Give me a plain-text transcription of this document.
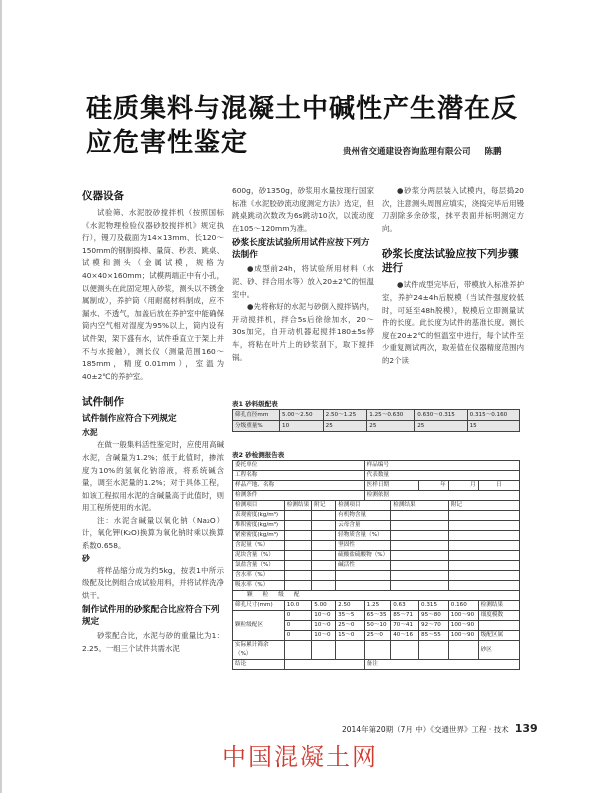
硅质集料与混凝土中碱性产生潜在反应危害性鉴定	贵州省交通建设咨询监理有限公司 陈鹏
仪器设备

试验筛、水泥胶砂搅拌机（按照国标《水泥物理检验仪器砂胶搅拌机》规定执行），镘刀及截面为14×13mm、长120～150mm的钢制捣棒、量筒、秒表、跳桌、试模和测头（金属试模，规格为40×40×160mm；试模两端正中有小孔，以便测头在此固定埋入砂浆，测头以不锈金属制成），养护筒（用耐腐材料制成，应不漏水、不透气，加盖后放在养护室中能确保筒内空气相对湿度为95%以上，筒内设有试件架，架下盛有水，试件垂直立于架上并不与水接触），测长仪（测量范围160～185mm，精度0.01mm），室温为40±2℃的养护室。

试件制作
试件制作应符合下列规定
水泥

在做一般集料活性鉴定时，应使用高碱水泥，含碱量为1.2%；低于此值时，掺浓度为10%的氢氧化钠溶液，将系统碱含量，调至水泥量的1.2%；对于具体工程，如该工程拟用水泥的含碱量高于此值时，则用工程所使用的水泥。

注：水泥含碱量以氧化钠（Na₂O）计，氧化钾(K₂O)换算为氧化钠时乘以换算系数0.658。

砂

将样品缩分成为约5kg，按表1中所示级配及比例组合成试验用料，并将试样洗净烘干。

制作试件用的砂浆配合比应符合下列规定

砂浆配合比，水泥与砂的重量比为1：2.25。一组三个试件共需水泥

600g，砂1350g，砂浆用水量按现行国家标准《水泥胶砂流动度测定方法》选定，但跳桌跳动次数改为6s跳动10次，以流动度在105～120mm为准。

砂浆长度法试验所用试件应按下列方法制作

●成型前24h，将试验所用材料（水泥、砂、拌合用水等）放入20±2℃的恒温室中。

●先将称好的水泥与砂倒入搅拌锅内，开动搅拌机，拌合5s后徐徐加水，20～30s加完，自开动机器起搅拌180±5s停车，将粘在叶片上的砂浆刮下，取下搅拌锅。

●砂浆分两层装入试模内，每层捣20次，注意测头周围应填实，浇捣完毕后用镘刀刮除多余砂浆，抹平表面并标明测定方向。

砂浆长度法试验应按下列步骤进行

●试件成型完毕后，带模放入标准养护室，养护24±4h后脱模（当试件强度较低时，可延至48h脱模），脱模后立即测量试件的长度。此长度为试件的基准长度。测长度在20±2℃的恒温室中进行，每个试件至少重复测试两次，取差值在仪器精度范围内的2个读

表1 砂料级配表
筛孔直径mm	5.00～2.50	2.50～1.25	1.25～0.630	0.630～0.315	0.315～0.160
分级重量%	10	25	25	25	15
表2 砂检测报告表
委托单位				样品编号				
工程名称				代表数量				
样品产地、名称				医样日期		年	月	日
检测条件				检测依据				
检测项目	检测结果	附记	检测项目		检测结果		附记	
表观密度(kg/m³)			有机物含量					
堆积密度(kg/m³)			云母含量					
紧密密度(kg/m³)			轻物质含量（%）					
含泥量（%）			坚固性					
泥块含量（%）			硫酸盐硫酸物（%）					
氯盐含量（%）			碱活性					
含水率（%）								
吸水率（%）								
颗粒级配								
筛孔尺寸(mm)	10.0	5.00	2.50	1.25	0.63	0.315	0.160	检测结果
颗粒级配区	0	10～0	35～5	65～35	85～71	95～80	100～90	细度模数
	0	10～0	25～0	50～10	70～41	92～70	100～90	
	0	10～0	15～0	25～0	40～16	85～55	100～90	级配区属
实际累计筛余（%）								砂区
结论				备注				
2014年第20期（7月 中）《交通世界》工程 · 技术 139
中国混凝土网
